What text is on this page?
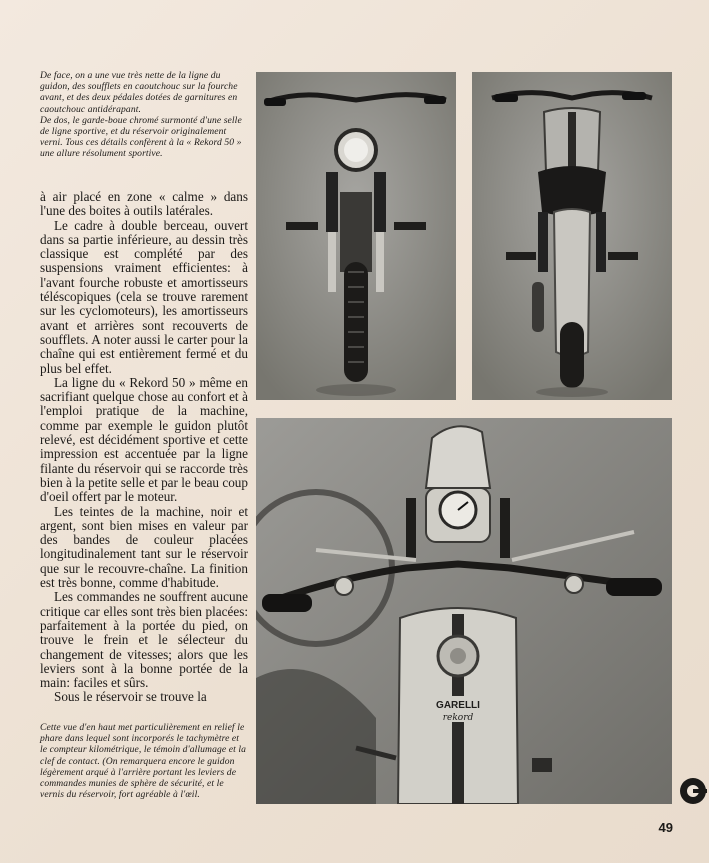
De face, on a une vue très nette de la ligne du guidon, des soufflets en caoutchouc sur la fourche avant, et des deux pédales dotées de garnitures en caoutchouc antidérapant.

De dos, le garde-boue chromé surmonté d'une selle de ligne sportive, et du réservoir originalement verni. Tous ces détails confèrent à la « Rekord 50 » une allure résolument sportive.

à air placé en zone « calme » dans l'une des boites à outils latérales.

Le cadre à double berceau, ouvert dans sa partie inférieure, au dessin très classique est complété par des suspensions vraiment efficientes: à l'avant fourche robuste et amortisseurs téléscopiques (cela se trouve rarement sur les cyclomoteurs), les amortisseurs avant et arrières sont recouverts de soufflets. A noter aussi le carter pour la chaîne qui est entièrement fermé et du plus bel effet.

La ligne du « Rekord 50 » même en sacrifiant quelque chose au confort et à l'emploi pratique de la machine, comme par exemple le guidon plutôt relevé, est décidément sportive et cette impression est accentuée par la ligne filante du réservoir qui se raccorde très bien à la petite selle et par le beau coup d'oeil offert par le moteur.

Les teintes de la machine, noir et argent, sont bien mises en valeur par des bandes de couleur placées longitudinalement tant sur le réservoir que sur le recouvre-chaîne. La finition est très bonne, comme d'habitude.

Les commandes ne souffrent aucune critique car elles sont très bien placées: parfaitement à la portée du pied, on trouve le frein et le sélecteur du changement de vitesses; alors que les leviers sont à la bonne portée de la main: faciles et sûrs.

Sous le réservoir se trouve la

GARELLI
rekord
Cette vue d'en haut met particulièrement en relief le phare dans lequel sont incorporés le tachymètre et le compteur kilométrique, le témoin d'allumage et la clef de contact. (On remarquera encore le guidon légèrement arqué à l'arrière portant les leviers de commandes munies de sphère de sécurité, et le vernis du réservoir, fort agréable à l'œil.
49
